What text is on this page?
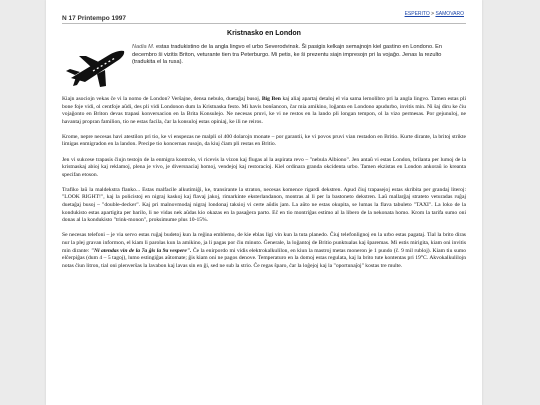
N 17 Printempo 1997
ESPERITO > SAMOVARO
Kristnasko en London
Nadia M. estas tradukistino de la angla lingvo el urbo Severodvinsk. Ŝi pasigis kelkajn semajnojn kiel gastino en Londono. En decembro ŝi vizitis Briton, veturante tien tra Peterburgo. Mi petis, ke ŝi prezentu siajn impresojn pri la vojaĝo. Jenas la rezulto (tradukita el la rusa).

Kiajn asociojn vekas ĉe vi la nomo de London? Verŝajne, densa nebulo, duetaĝaj busoj, Big Ben kaj aliaj apartaj detaloj el via sama lernolibro pri la angla lingvo. Tamen estas pli bone foje vidi, ol centfoje aŭdi, des pli vidi Londonon dum la Kristnaska festo. Mi havis bonŝancon, ĉar mia amikino, loĝanta en Londono apudurbo, invitis min. Ni ŝaj diru ke ĉiu vojaĝonto en Briton devas trapasi konversacion en la Brita Konsulejo. Ne necesas pruvi, ke vi ne restos en la lando pli longan tempon, ol la vizo permesas. Por gejunuloj, ne havantaj propran familion, tio ne estas facila, ĉar la konsuloj estas opiniaj, ke ili ne reiros.

Krome, nepre necesas havi atestilon pri tio, ke vi enspezas ne malpli ol 400 dolarojn monate – por garantii, ke vi povos pruvi vian restadon en Britio. Kurte dirante, la britoj strikte limigas enmigradon en la landon. Precipe tio koncernas rusojn, da kiuj ĉiam pli restas en Britio.

Jen vi sukcese trapasis ĉiujn testojn de la enmigra kontrolo, vi ricevis la vizon kaj flugas al la aspirata revo – "nebula Albiono". Jen antaŭ vi estas London, brilanta per lumoj de la kristnaskaj abioj kaj reklamoj, plena je vivo, je diversnaciaj homoj, vendejoj kaj restoracioj. Kiel ordinara granda okcidenta urbo. Tamen ekzistas en London ankoraŭ io kreanta specifan etoson.

Trafiko laŭ la maldekstra flanko... Estas malfacile alkutimiĝi, ke, transirante la straton, necesas komence rigardi dekstren. Apud ĉiuj trapasejoj estas skribita per grandaj literoj: "LOOK RIGHT!", kaj la policistoj en nigraj kaskoj kaj flavaj jakoj, rimarkinte eksterlandanon, montras al li per la bastoneto dekstren. Laŭ mallarĝaj strateto veturadas ruĝaj duetaĝaj busoj – "double-decker". Kaj pri malnovmodaj nigraj londonaj taksioj vi certe aŭdis jam. La aŭto ne estas okupita, se lumas la flava tabuleto "TAXI". La loko de la kondukisto estas apartigita per barilo, li ne vidas nek aŭdas kio okazas en la pasaĝera parto. Eĉ en tio montriĝas estimo al la libero de la nekonata homo. Krom la tarifa sumo oni donas al la kondukisto "trink-monon", proksimume plus 10-15%.

Se necesas telefoni – je via servo estas ruĝaj budetoj kun la reĝina emblemo, de kie eblas ligi vin kun la tuta planedo. Ĉiuj telefonlignoj en la urbo estas pagataj. Tial la brito diras nur la plej gravan informon, el kiam li parolas kun la amikino, ja li pagas por ĉiu minuto. Ĝenerale, la loĝantoj de Britio punktualas kaj ŝparemas. Mi estis mirigita, kiam oni invitis min dirante: "Ni atendas vin de la 7a ĝis la 9a vespere". Ĉe la enirpordo mi vidis elektrokalkulilon, en kiun la mastroj metas moneron je 1 pundo (ĉ. 9 mil rubloj). Kiam tiu sumo elĉerpiĝas (dum 4 – 5 tagoj), lumo estingiĝas aŭtomate; ĝis kiam oni ne pagos denove. Temperaturo en la domoj estas regulata, kaj la brito tute kontentas pri 19°C. Akvokalkulilojn notas ĉiun litron, tial oni plenverŝas la lavabon kaj lavas sin en ĝi, sed ne sub la strio. Ĉe regas ŝparo, ĉar la loĝejoj kaj la "oportunaĵoj" kostas tre multe.
